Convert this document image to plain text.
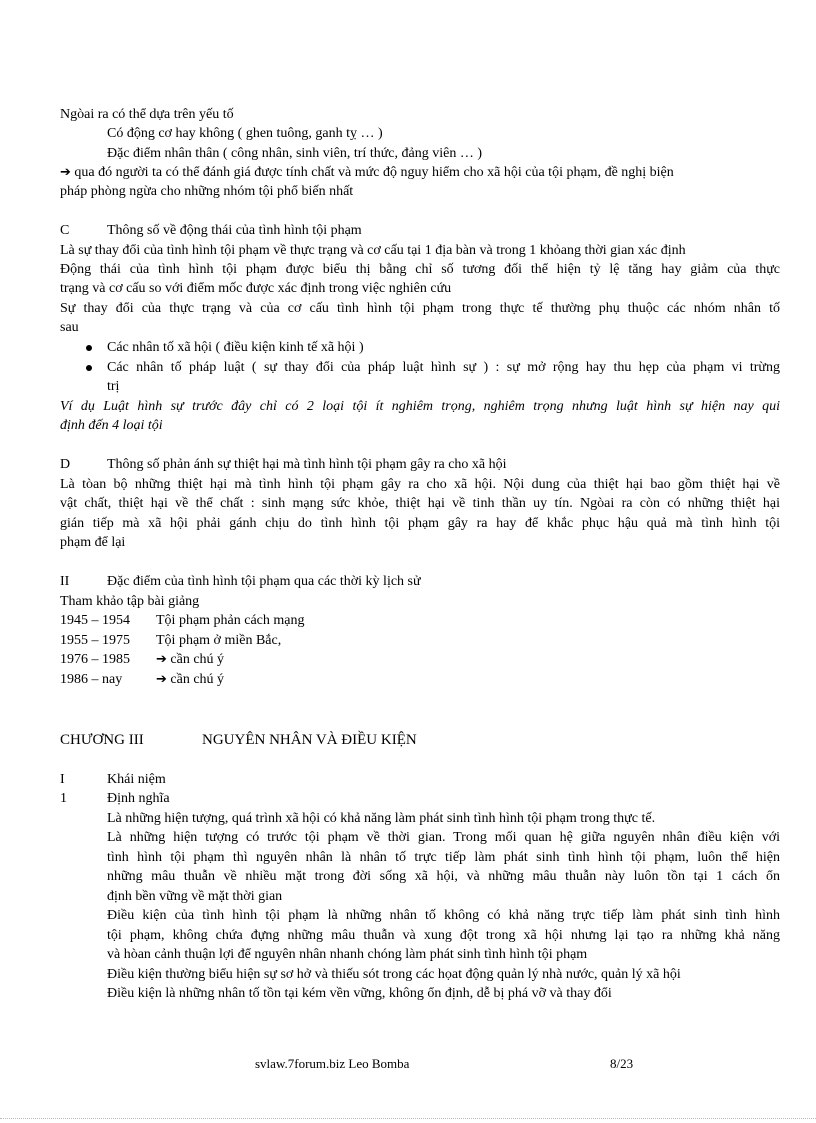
Ngòai ra có thể dựa trên yếu tố
Có động cơ hay không ( ghen tuông, ganh tỵ … )
Đặc điểm nhân thân ( công nhân, sinh viên, trí thức, đảng viên … )
➔ qua đó người ta có thể đánh giá được tính chất và mức độ nguy hiểm cho xã hội của tội phạm, đề nghị biện
pháp phòng ngừa cho những nhóm tội phổ biến nhất
C	Thông số về động thái của tình hình tội phạm
Là sự thay đổi của tình hình tội phạm về thực trạng và cơ cấu tại 1 địa bàn và trong 1 khỏang thời gian xác định
Động thái của tình hình tội phạm được biểu thị bằng chỉ số tương đối thể hiện tỷ lệ tăng hay giảm của thực
trạng và cơ cấu so với điểm mốc được xác định trong việc nghiên cứu
Sự thay đổi của thực trạng và của cơ cấu tình hình tội phạm trong thực tế thường phụ thuộc các nhóm nhân tố
sau
Các nhân tố xã hội ( điều kiện kinh tế xã hội )
Các nhân tố pháp luật ( sự thay đổi của pháp luật hình sự ) : sự mở rộng hay thu hẹp của phạm vi trừng
trị
Ví dụ Luật hình sự trước đây chỉ có 2 loại tội ít nghiêm trọng, nghiêm trọng nhưng luật hình sự hiện nay qui
định đến 4 loại tội
D	Thông số phản ánh sự thiệt hại mà tình hình tội phạm gây ra cho xã hội
Là tòan bộ những thiệt hại mà tình hình tội phạm gây ra cho xã hội. Nội dung của thiệt hại bao gồm thiệt hại về
vật chất, thiệt hại về thể chất : sinh mạng sức khỏe, thiệt hại về tinh thần uy tín. Ngòai ra còn có những thiệt hại
gián tiếp mà xã hội phải gánh chịu do tình hình tội phạm gây ra hay để khắc phục hậu quả mà tình hình tội
phạm để lại
II	Đặc điểm của tình hình tội phạm qua các thời kỳ lịch sử
Tham khảo tập bài giảng
1945 – 1954 Tội phạm phản cách mạng
1955 – 1975 Tội phạm ở miền Bắc,
1976 – 1985 ➔ cần chú ý
1986 – nay	➔ cần chú ý
CHƯƠNG III	NGUYÊN NHÂN VÀ ĐIỀU KIỆN
I	Khái niệm
1	Định nghĩa
Là những hiện tượng, quá trình xã hội có khả năng làm phát sinh tình hình tội phạm trong thực tế.
Là những hiện tượng có trước tội phạm về thời gian. Trong mối quan hệ giữa nguyên nhân điều kiện với
tình hình tội phạm thì nguyên nhân là nhân tố trực tiếp làm phát sinh tình hình tội phạm, luôn thể hiện
những mâu thuẫn về nhiều mặt trong đời sống xã hội, và những mâu thuẫn này luôn tồn tại 1 cách ổn
định bền vững về mặt thời gian
Điều kiện của tình hình tội phạm là những nhân tố không có khả năng trực tiếp làm phát sinh tình hình
tội phạm, không chứa đựng những mâu thuẫn và xung đột trong xã hội nhưng lại tạo ra những khả năng
và hòan cảnh thuận lợi để nguyên nhân nhanh chóng làm phát sinh tình hình tội phạm
Điều kiện thường biểu hiện sự sơ hở và thiếu sót trong các họat động quản lý nhà nước, quản lý xã hội
Điều kiện là những nhân tố tồn tại kém vền vững, không ổn định, dễ bị phá vỡ và thay đổi
svlaw.7forum.biz Leo Bomba	8/23
